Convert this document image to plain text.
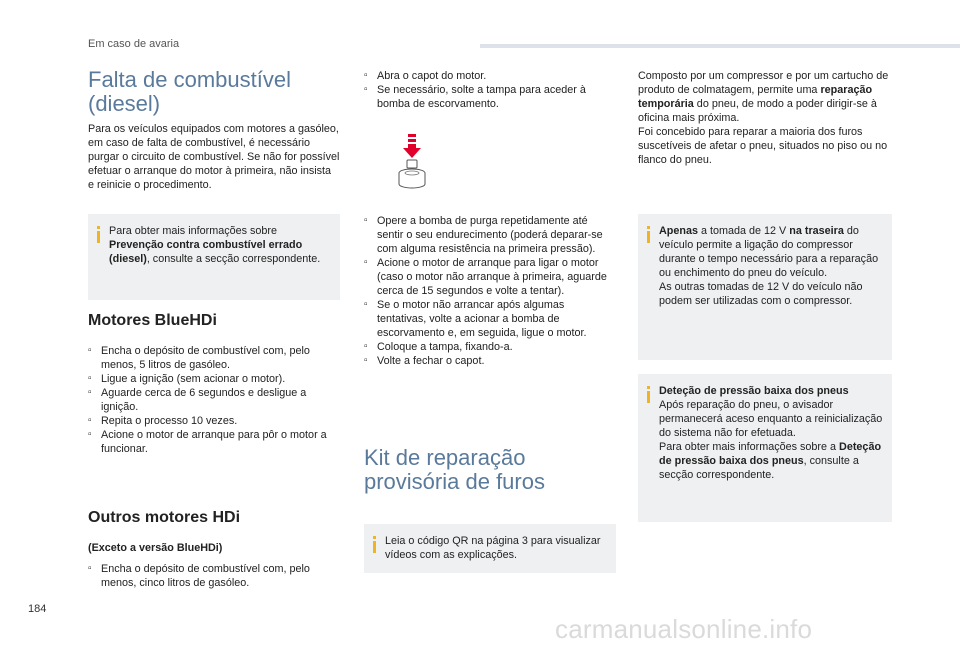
Em caso de avaria
Falta de combustível
(diesel)

Para os veículos equipados com motores a gasóleo, em caso de falta de combustível, é necessário purgar o circuito de combustível. Se não for possível efetuar o arranque do motor à primeira, não insista e reinicie o procedimento.

Para obter mais informações sobre Prevenção contra combustível errado (diesel), consulte a secção correspondente.
Motores BlueHDi
▫ Encha o depósito de combustível com, pelo menos, 5 litros de gasóleo.
▫ Ligue a ignição (sem acionar o motor).
▫ Aguarde cerca de 6 segundos e desligue a ignição.
▫ Repita o processo 10 vezes.
▫ Acione o motor de arranque para pôr o motor a funcionar.
Outros motores HDi
(Exceto a versão BlueHDi)
▫ Encha o depósito de combustível com, pelo menos, cinco litros de gasóleo.
▫ Abra o capot do motor.
▫ Se necessário, solte a tampa para aceder à bomba de escorvamento.
▫ Opere a bomba de purga repetidamente até sentir o seu endurecimento (poderá deparar-se com alguma resistência na primeira pressão).
▫ Acione o motor de arranque para ligar o motor (caso o motor não arranque à primeira, aguarde cerca de 15 segundos e volte a tentar).
▫ Se o motor não arrancar após algumas tentativas, volte a acionar a bomba de escorvamento e, em seguida, ligue o motor.
▫ Coloque a tampa, fixando-a.
▫ Volte a fechar o capot.
Kit de reparação
provisória de furos
Leia o código QR na página 3 para visualizar vídeos com as explicações.

Composto por um compressor e por um cartucho de produto de colmatagem, permite uma reparação temporária do pneu, de modo a poder dirigir-se à oficina mais próxima.

Foi concebido para reparar a maioria dos furos suscetíveis de afetar o pneu, situados no piso ou no flanco do pneu.

Apenas a tomada de 12 V na traseira do veículo permite a ligação do compressor durante o tempo necessário para a reparação ou enchimento do pneu do veículo.

As outras tomadas de 12 V do veículo não podem ser utilizadas com o compressor.

Deteção de pressão baixa dos pneus

Após reparação do pneu, o avisador permanecerá aceso enquanto a reinicialização do sistema não for efetuada.

Para obter mais informações sobre a Deteção de pressão baixa dos pneus, consulte a secção correspondente.

184
carmanualsonline.info
